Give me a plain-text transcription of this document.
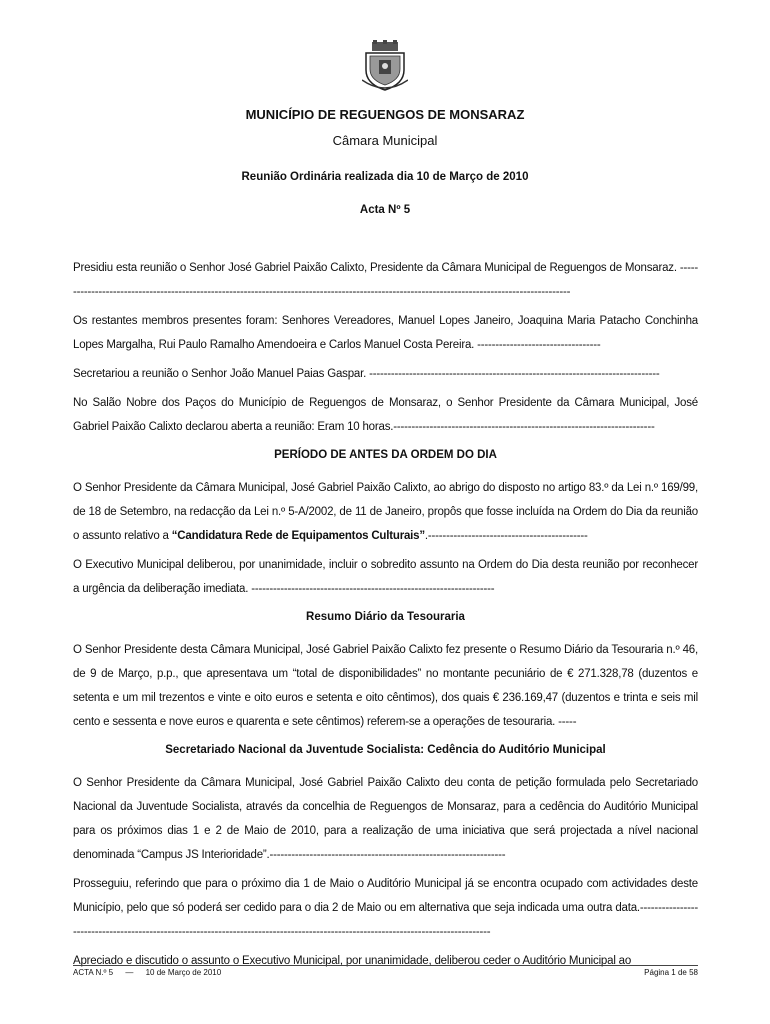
MUNICÍPIO DE REGUENGOS DE MONSARAZ
Câmara Municipal
Reunião Ordinária realizada dia 10 de Março de 2010
Acta Nº 5

Presidiu esta reunião o Senhor José Gabriel Paixão Calixto, Presidente da Câmara Municipal de Reguengos de Monsaraz. ----------------------------------------------------------------------------------------------------------------------------------------------

Os restantes membros presentes foram: Senhores Vereadores, Manuel Lopes Janeiro, Joaquina Maria Patacho Conchinha Lopes Margalha, Rui Paulo Ramalho Amendoeira e Carlos Manuel Costa Pereira. ----------------------------------

Secretariou a reunião o Senhor João Manuel Paias Gaspar. --------------------------------------------------------------------------------

No Salão Nobre dos Paços do Município de Reguengos de Monsaraz, o Senhor Presidente da Câmara Municipal, José Gabriel Paixão Calixto declarou aberta a reunião: Eram 10 horas.------------------------------------------------------------------------

PERÍODO DE ANTES DA ORDEM DO DIA

O Senhor Presidente da Câmara Municipal, José Gabriel Paixão Calixto, ao abrigo do disposto no artigo 83.º da Lei n.º 169/99, de 18 de Setembro, na redacção da Lei n.º 5-A/2002, de 11 de Janeiro, propôs que fosse incluída na Ordem do Dia da reunião o assunto relativo a “Candidatura Rede de Equipamentos Culturais”.--------------------------------------------

O Executivo Municipal deliberou, por unanimidade, incluir o sobredito assunto na Ordem do Dia desta reunião por reconhecer a urgência da deliberação imediata. -------------------------------------------------------------------

Resumo Diário da Tesouraria

O Senhor Presidente desta Câmara Municipal, José Gabriel Paixão Calixto fez presente o Resumo Diário da Tesouraria n.º 46, de 9 de Março, p.p., que apresentava um “total de disponibilidades” no montante pecuniário de € 271.328,78 (duzentos e setenta e um mil trezentos e vinte e oito euros e setenta e oito cêntimos), dos quais € 236.169,47 (duzentos e trinta e seis mil cento e sessenta e nove euros e quarenta e sete cêntimos) referem-se a operações de tesouraria. -----

Secretariado Nacional da Juventude Socialista: Cedência do Auditório Municipal

O Senhor Presidente da Câmara Municipal, José Gabriel Paixão Calixto deu conta de petição formulada pelo Secretariado Nacional da Juventude Socialista, através da concelhia de Reguengos de Monsaraz, para a cedência do Auditório Municipal para os próximos dias 1 e 2 de Maio de 2010, para a realização de uma iniciativa que será projectada a nível nacional denominada “Campus JS Interioridade”.-----------------------------------------------------------------

Prosseguiu, referindo que para o próximo dia 1 de Maio o Auditório Municipal já se encontra ocupado com actividades deste Município, pelo que só poderá ser cedido para o dia 2 de Maio ou em alternativa que seja indicada uma outra data.-----------------------------------------------------------------------------------------------------------------------------------

Apreciado e discutido o assunto o Executivo Municipal, por unanimidade, deliberou ceder o Auditório Municipal ao

ACTA N.º 5 — 10 de Março de 2010	Página 1 de 58
